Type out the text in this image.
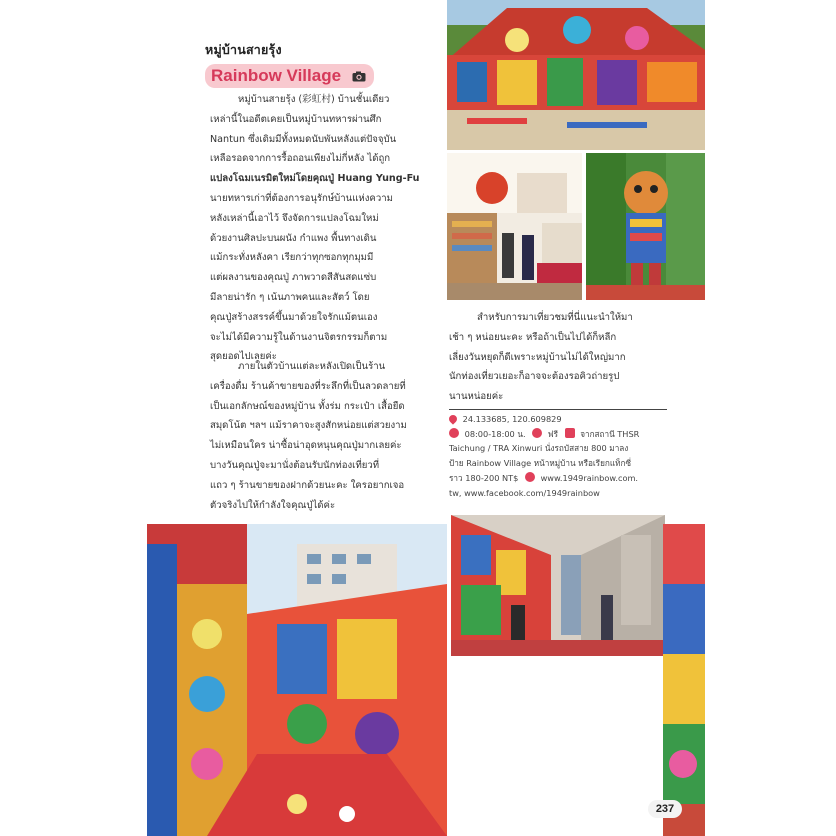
หมู่บ้านสายรุ้ง
Rainbow Village
หมู่บ้านสายรุ้ง (彩虹村) บ้านชั้นเดียว
เหล่านี้ในอดีตเคยเป็นหมู่บ้านทหารผ่านศึก
Nantun ซึ่งเดิมมีทั้งหมดนับพันหลังแต่ปัจจุบัน
เหลือรอดจากการรื้อถอนเพียงไม่กี่หลัง ได้ถูก
แปลงโฉมเนรมิตใหม่โดยคุณปู่ Huang Yung-Fu
นายทหารเก่าที่ต้องการอนุรักษ์บ้านแห่งความ
หลังเหล่านี้เอาไว้ จึงจัดการแปลงโฉมใหม่
ด้วยงานศิลปะบนผนัง กำแพง พื้นทางเดิน
แม้กระทั่งหลังคา เรียกว่าทุกซอกทุกมุมมี
แต่ผลงานของคุณปู่ ภาพวาดสีสันสดแซ่บ
มีลายน่ารัก ๆ เน้นภาพคนและสัตว์ โดย
คุณปู่สร้างสรรค์ขึ้นมาด้วยใจรักแม้ตนเอง
จะไม่ได้มีความรู้ในด้านงานจิตรกรรมก็ตาม
สุดยอดไปเลยค่ะ
ภายในตัวบ้านแต่ละหลังเปิดเป็นร้าน
เครื่องดื่ม ร้านค้าขายของที่ระลึกที่เป็นลวดลายที่
เป็นเอกลักษณ์ของหมู่บ้าน ทั้งร่ม กระเป๋า เสื้อยืด
สมุดโน้ต ฯลฯ แม้ราคาจะสูงสักหน่อยแต่สวยงาม
ไม่เหมือนใคร น่าซื้อน่าอุดหนุนคุณปู่มากเลยค่ะ
บางวันคุณปู่จะมานั่งต้อนรับนักท่องเที่ยวที่
แถว ๆ ร้านขายของฝากด้วยนะคะ ใครอยากเจอ
ตัวจริงไปให้กำลังใจคุณปู่ได้ค่ะ
สำหรับการมาเที่ยวชมที่นี่แนะนำให้มา
เช้า ๆ หน่อยนะคะ หรือถ้าเป็นไปได้ก็หลีก
เลี่ยงวันหยุดก็ดีเพราะหมู่บ้านไม่ได้ใหญ่มาก
นักท่องเที่ยวเยอะก็อาจจะต้องรอคิวถ่ายรูป
นานหน่อยค่ะ
24.133685, 120.609829
08:00-18:00 น.	ฟรี	จากสถานี THSR
Taichung / TRA Xinwuri นั่งรถบัสสาย 800 มาลง
ป้าย Rainbow Village หน้าหมู่บ้าน หรือเรียกแท็กซี่
ราว 180-200 NT$	www.1949rainbow.com.
tw, www.facebook.com/1949rainbow
237
